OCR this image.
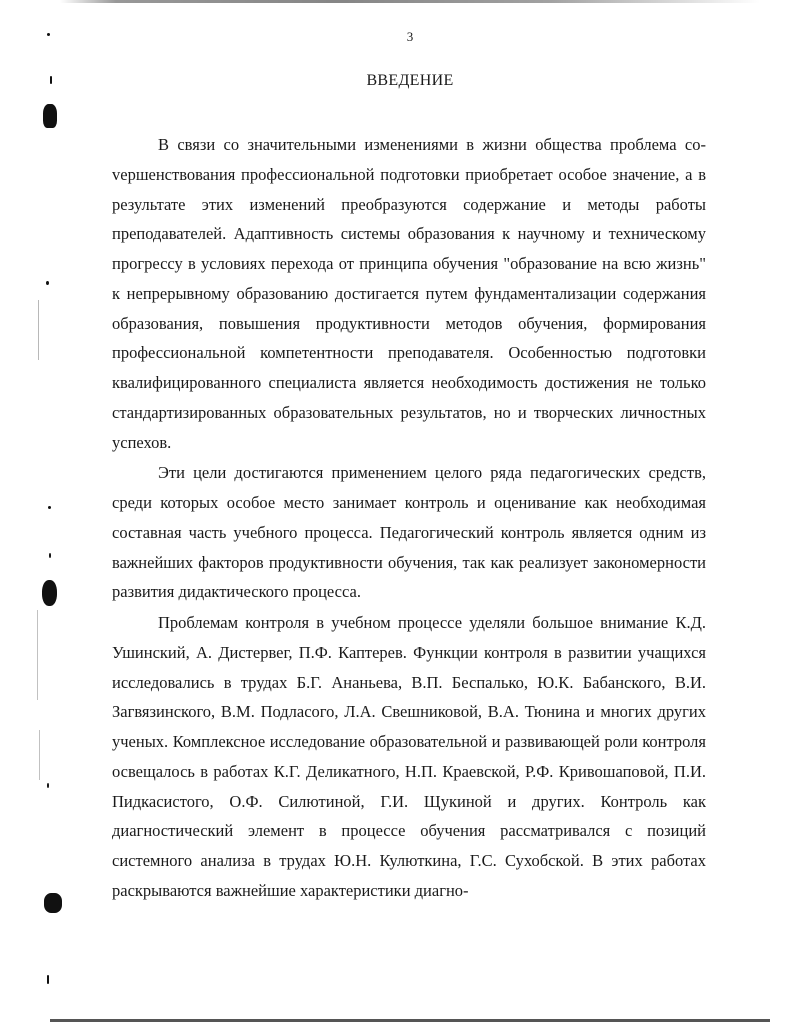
3
ВВЕДЕНИЕ

В связи со значительными изменениями в жизни общества проблема соvершенствования профессиональной подготовки приобретает особое значение, а в результате этих изменений преобразуются содержание и методы работы преподавателей. Адаптивность системы образования к научному и техническому прогрессу в условиях перехода от принципа обучения "образование на всю жизнь" к непрерывному образованию достигается путем фундаментализации содержания образования, повышения продуктивности методов обучения, формирования профессиональной компетентности преподавателя. Особенностью подготовки квалифицированного специалиста является необходимость достижения не только стандартизированных образовательных результатов, но и творческих личностных успехов.

Эти цели достигаются применением целого ряда педагогических средств, среди которых особое место занимает контроль и оценивание как необходимая составная часть учебного процесса. Педагогический контроль является одним из важнейших факторов продуктивности обучения, так как реализует закономерности развития дидактического процесса.

Проблемам контроля в учебном процессе уделяли большое внимание К.Д. Ушинский, А. Дистервег, П.Ф. Каптерев. Функции контроля в развитии учащихся исследовались в трудах Б.Г. Ананьева, В.П. Беспалько, Ю.К. Бабанского, В.И. Загвязинского, В.М. Подласого, Л.А. Свешниковой, В.А. Тюнина и многих других ученых. Комплексное исследование образовательной и развивающей роли контроля освещалось в работах К.Г. Деликатного, Н.П. Краевской, Р.Ф. Кривошаповой, П.И. Пидкасистого, О.Ф. Силютиной, Г.И. Щукиной и других. Контроль как диагностический элемент в процессе обучения рассматривался с позиций системного анализа в трудах Ю.Н. Кулюткина, Г.С. Сухобской. В этих работах раскрываются важнейшие характеристики диагно-
